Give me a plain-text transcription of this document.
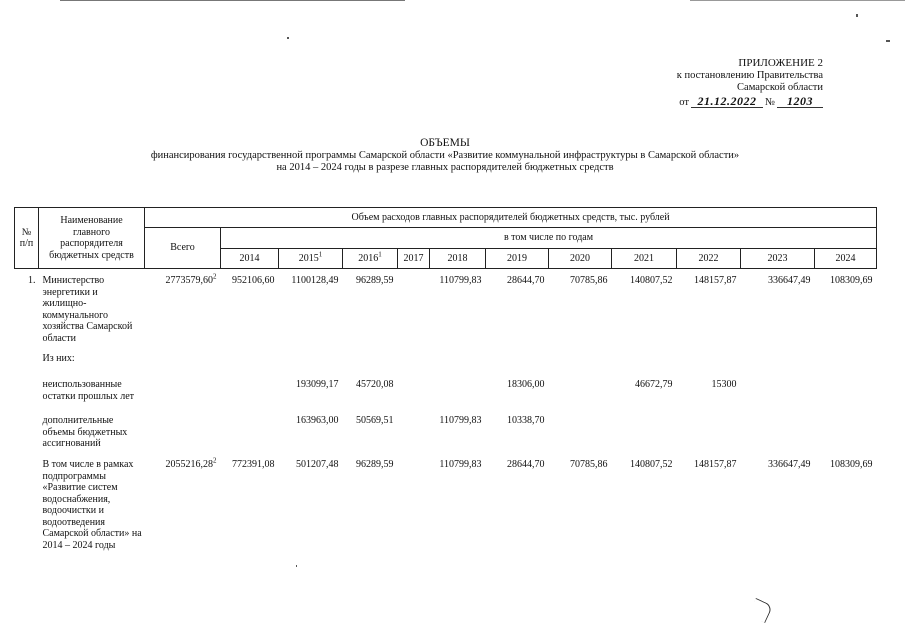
ПРИЛОЖЕНИЕ 2
к постановлению Правительства
Самарской области
от 21.12.2022 №	1203
ОБЪЕМЫ
финансирования государственной программы Самарской области «Развитие коммунальной инфраструктуры в Самарской области»
на 2014 – 2024 годы в разрезе главных распорядителей бюджетных средств
№ п/п	Наименование главного распорядителя бюджетных средств	Объем расходов главных распорядителей бюджетных средств, тыс. рублей											
		Всего	в том числе по годам										
			2014	2015$^1$	2016$^1$	2017	2018	2019	2020	2021	2022	2023	2024
1.	Министерство энергетики и жилищно-коммунального хозяйства Самарской области	2773579,60$^2$	952106,60	1100128,49	96289,59		110799,83	28644,70	70785,86	140807,52	148157,87	336647,49	108309,69
	Из них:												
	неиспользованные остатки прошлых лет			193099,17	45720,08			18306,00		46672,79	15300		
	дополнительные объемы бюджетных ассигнований			163963,00	50569,51		110799,83	10338,70					
	В том числе в рамках подпрограммы «Развитие систем водоснабжения, водоочистки и водоотведения Самарской области» на 2014 – 2024 годы	2055216,28$^2$	772391,08	501207,48	96289,59		110799,83	28644,70	70785,86	140807,52	148157,87	336647,49	108309,69
